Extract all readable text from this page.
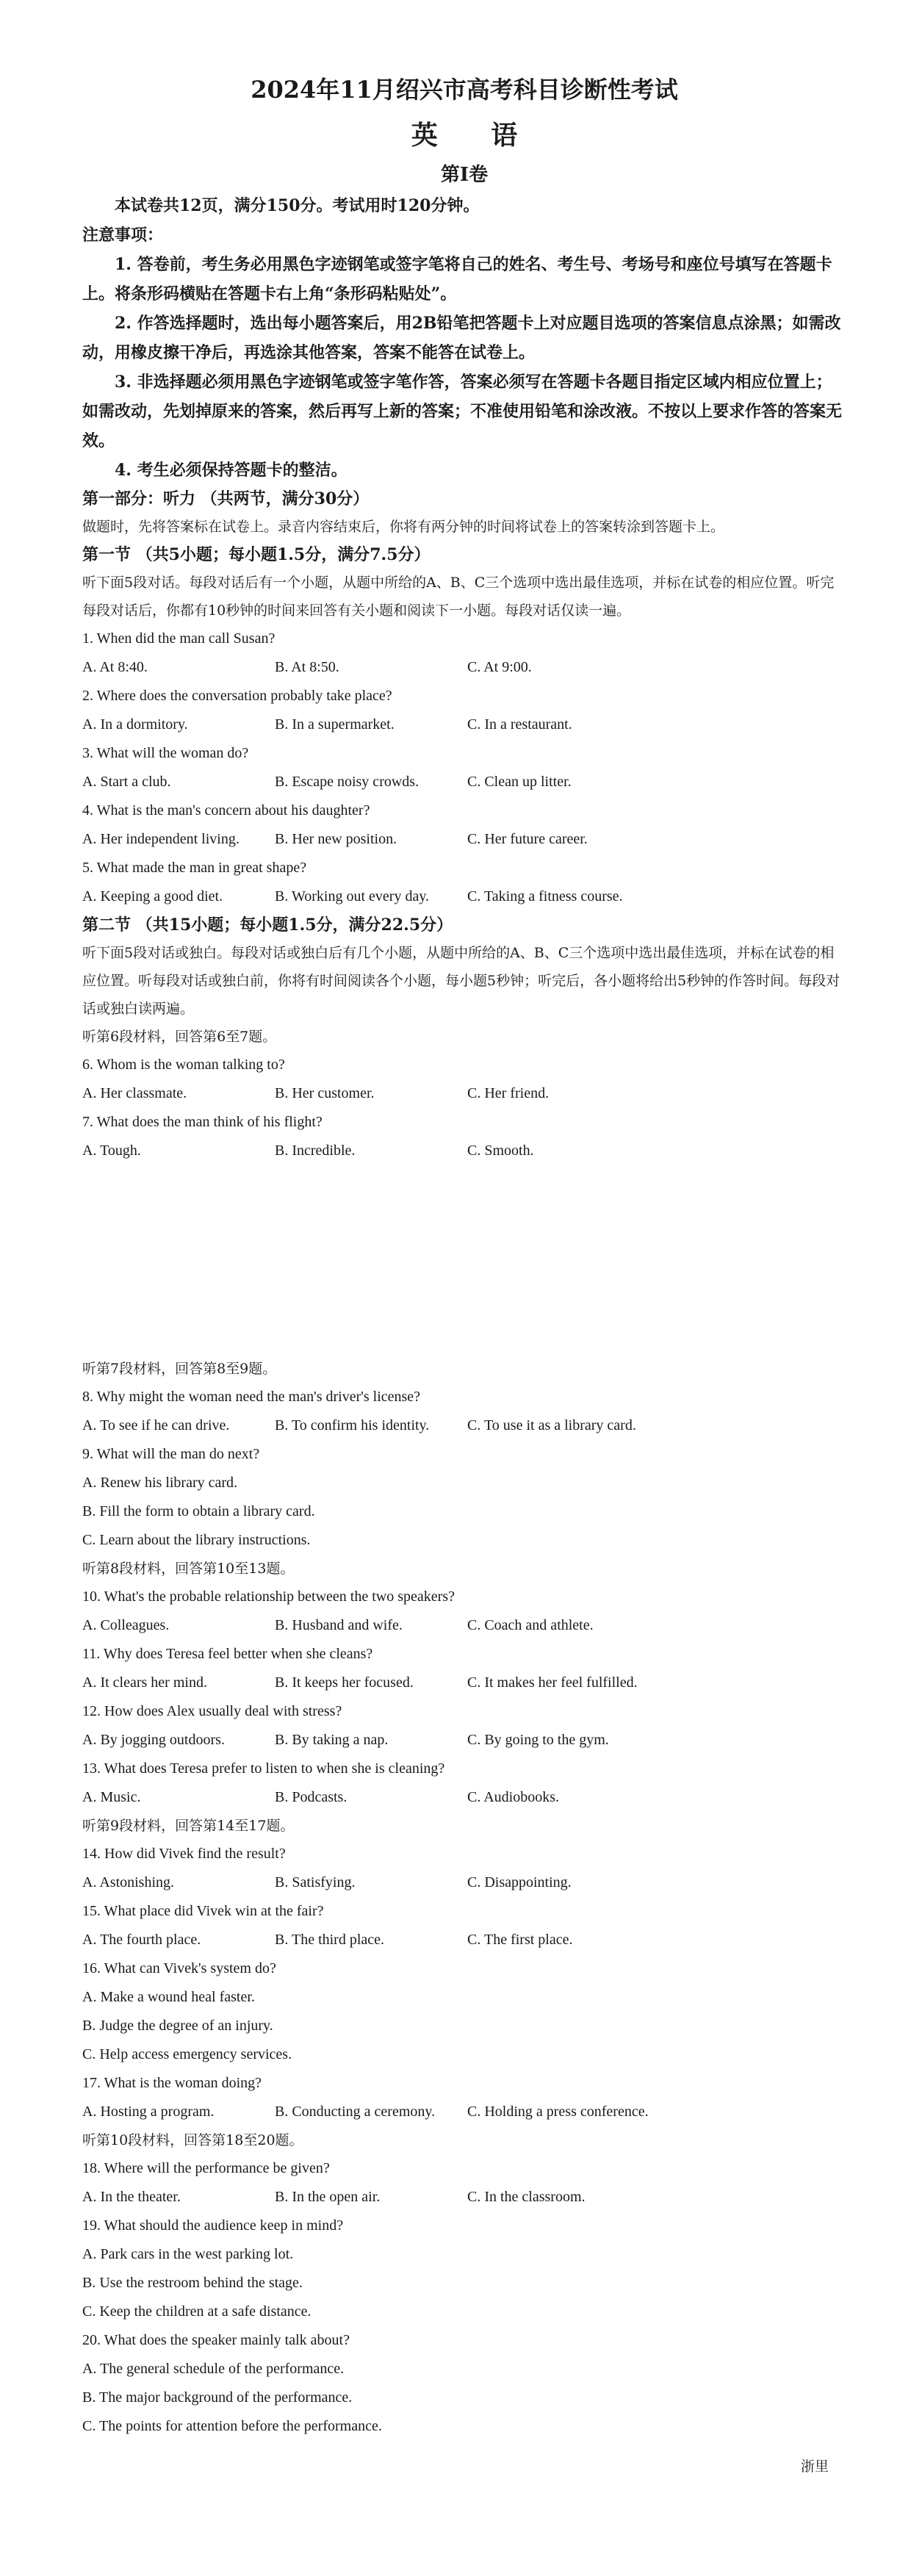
2024年11月绍兴市高考科目诊断性考试

英 语

第Ⅰ卷

本试卷共12页，满分150分。考试用时120分钟。

注意事项：

1. 答卷前，考生务必用黑色字迹钢笔或签字笔将自己的姓名、考生号、考场号和座位号填写在答题卡上。将条形码横贴在答题卡右上角“条形码粘贴处”。

2. 作答选择题时，选出每小题答案后，用2B铅笔把答题卡上对应题目选项的答案信息点涂黑；如需改动，用橡皮擦干净后，再选涂其他答案，答案不能答在试卷上。

3. 非选择题必须用黑色字迹钢笔或签字笔作答，答案必须写在答题卡各题目指定区域内相应位置上；如需改动，先划掉原来的答案，然后再写上新的答案；不准使用铅笔和涂改液。不按以上要求作答的答案无效。

4. 考生必须保持答题卡的整洁。

第一部分：听力 （共两节，满分30分）

做题时，先将答案标在试卷上。录音内容结束后，你将有两分钟的时间将试卷上的答案转涂到答题卡上。

第一节 （共5小题；每小题1.5分，满分7.5分）

听下面5段对话。每段对话后有一个小题，从题中所给的A、B、C三个选项中选出最佳选项，并标在试卷的相应位置。听完每段对话后，你都有10秒钟的时间来回答有关小题和阅读下一小题。每段对话仅读一遍。

1. When did the man call Susan?

A. At 8:40.	B. At 8:50.	C. At 9:00.

2. Where does the conversation probably take place?

A. In a dormitory.	B. In a supermarket.	C. In a restaurant.

3. What will the woman do?

A. Start a club.	B. Escape noisy crowds.	C. Clean up litter.

4. What is the man's concern about his daughter?

A. Her independent living.	B. Her new position.	C. Her future career.

5. What made the man in great shape?

A. Keeping a good diet.	B. Working out every day.	C. Taking a fitness course.

第二节 （共15小题；每小题1.5分，满分22.5分）

听下面5段对话或独白。每段对话或独白后有几个小题，从题中所给的A、B、C三个选项中选出最佳选项，并标在试卷的相应位置。听每段对话或独白前，你将有时间阅读各个小题，每小题5秒钟；听完后，各小题将给出5秒钟的作答时间。每段对话或独白读两遍。

听第6段材料，回答第6至7题。

6. Whom is the woman talking to?

A. Her classmate.	B. Her customer.	C. Her friend.

7. What does the man think of his flight?

A. Tough.	B. Incredible.	C. Smooth.

听第7段材料，回答第8至9题。

8. Why might the woman need the man's driver's license?

A. To see if he can drive.	B. To confirm his identity.	C. To use it as a library card.

9. What will the man do next?

A. Renew his library card.

B. Fill the form to obtain a library card.

C. Learn about the library instructions.

听第8段材料，回答第10至13题。

10. What's the probable relationship between the two speakers?

A. Colleagues.	B. Husband and wife.	C. Coach and athlete.

11. Why does Teresa feel better when she cleans?

A. It clears her mind.	B. It keeps her focused.	C. It makes her feel fulfilled.

12. How does Alex usually deal with stress?

A. By jogging outdoors.	B. By taking a nap.	C. By going to the gym.

13. What does Teresa prefer to listen to when she is cleaning?

A. Music.	B. Podcasts.	C. Audiobooks.

听第9段材料，回答第14至17题。

14. How did Vivek find the result?

A. Astonishing.	B. Satisfying.	C. Disappointing.

15. What place did Vivek win at the fair?

A. The fourth place.	B. The third place.	C. The first place.

16. What can Vivek's system do?

A. Make a wound heal faster.

B. Judge the degree of an injury.

C. Help access emergency services.

17. What is the woman doing?

A. Hosting a program.	B. Conducting a ceremony.	C. Holding a press conference.

听第10段材料，回答第18至20题。

18. Where will the performance be given?

A. In the theater.	B. In the open air.	C. In the classroom.

19. What should the audience keep in mind?

A. Park cars in the west parking lot.

B. Use the restroom behind the stage.

C. Keep the children at a safe distance.

20. What does the speaker mainly talk about?

A. The general schedule of the performance.

B. The major background of the performance.

C. The points for attention before the performance.

浙里
